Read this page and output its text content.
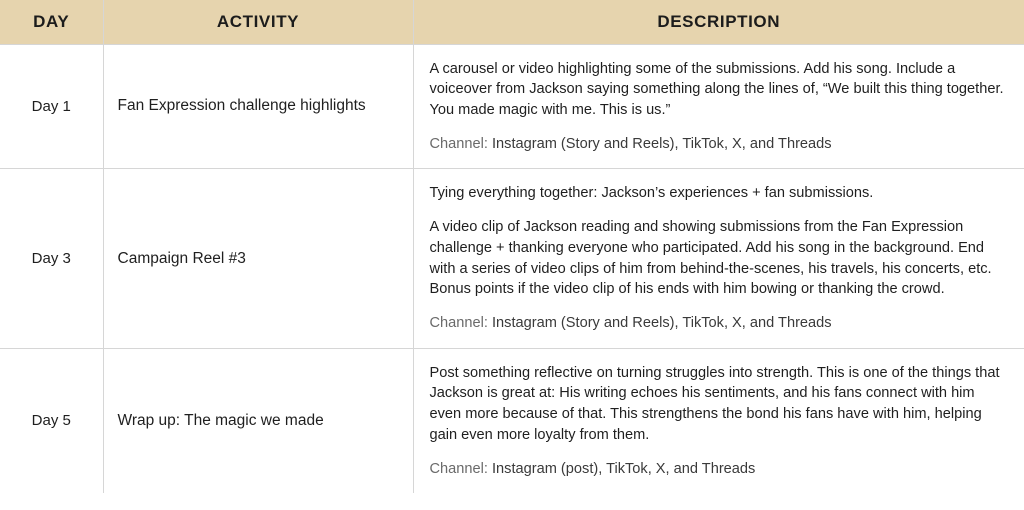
DAY	ACTIVITY	DESCRIPTION
Day 1	Fan Expression challenge highlights	A carousel or video highlighting some of the submissions. Add his song. Include a voiceover from Jackson saying something along the lines of, “We built this thing together. You made magic with me. This is us.”

Channel: Instagram (Story and Reels), TikTok, X, and Threads

Day 3	Campaign Reel #3	Tying everything together: Jackson’s experiences + fan submissions.

A video clip of Jackson reading and showing submissions from the Fan Expression challenge + thanking everyone who participated. Add his song in the background. End with a series of video clips of him from behind-the-scenes, his travels, his concerts, etc. Bonus points if the video clip of his ends with him bowing or thanking the crowd.

Channel: Instagram (Story and Reels), TikTok, X, and Threads

Day 5	Wrap up: The magic we made	Post something reflective on turning struggles into strength. This is one of the things that Jackson is great at: His writing echoes his sentiments, and his fans connect with him even more because of that. This strengthens the bond his fans have with him, helping gain even more loyalty from them.

Channel: Instagram (post), TikTok, X, and Threads
